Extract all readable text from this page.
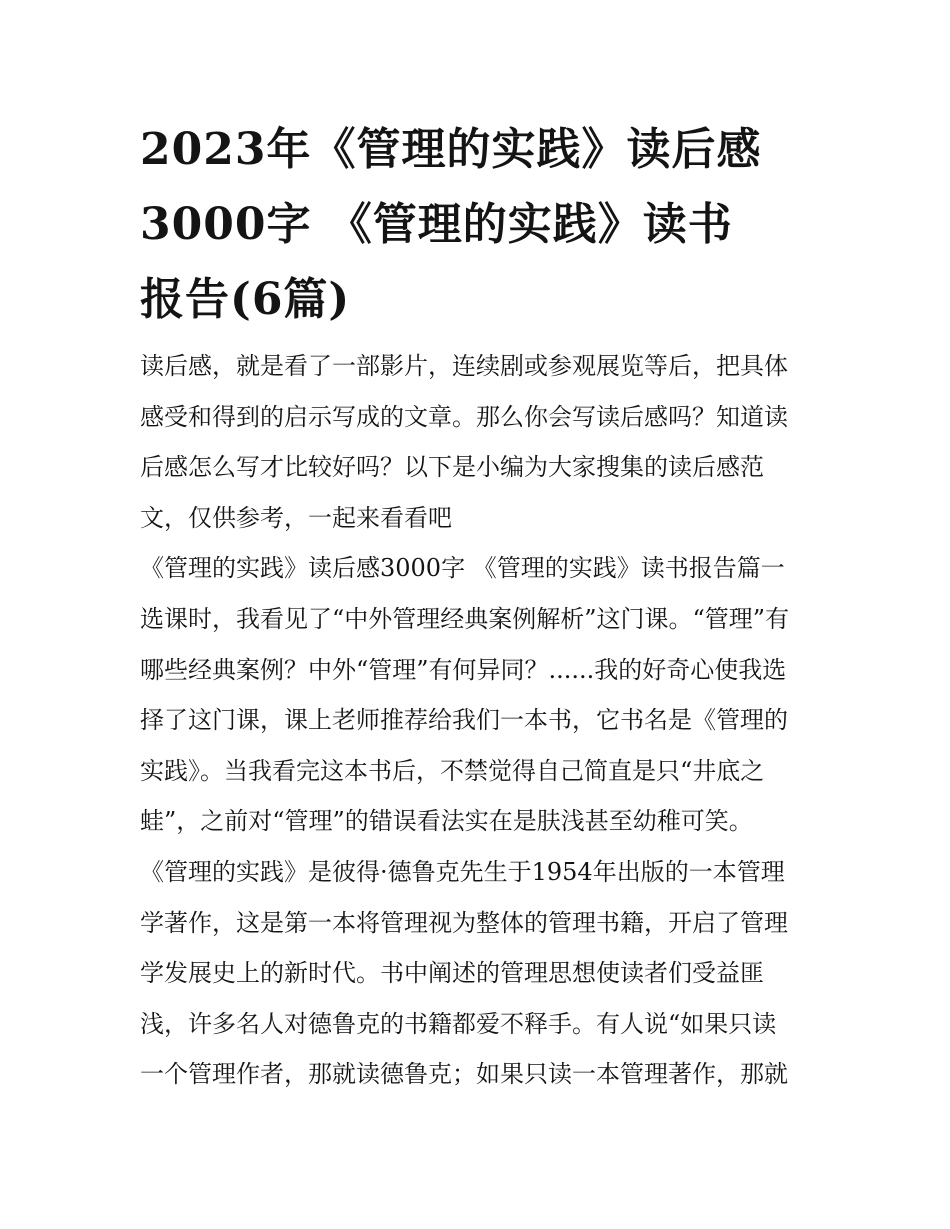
2023年《管理的实践》读后感
3000字 《管理的实践》读书
报告(6篇)
读后感，就是看了一部影片，连续剧或参观展览等后，把具体
感受和得到的启示写成的文章。那么你会写读后感吗？知道读
后感怎么写才比较好吗？以下是小编为大家搜集的读后感范
文，仅供参考，一起来看看吧
《管理的实践》读后感3000字 《管理的实践》读书报告篇一
选课时，我看见了“中外管理经典案例解析”这门课。“管理”有
哪些经典案例？中外“管理”有何异同？......我的好奇心使我选
择了这门课，课上老师推荐给我们一本书，它书名是《管理的
实践》。当我看完这本书后，不禁觉得自己简直是只“井底之
蛙”，之前对“管理”的错误看法实在是肤浅甚至幼稚可笑。
《管理的实践》是彼得·德鲁克先生于1954年出版的一本管理
学著作，这是第一本将管理视为整体的管理书籍，开启了管理
学发展史上的新时代。书中阐述的管理思想使读者们受益匪
浅，许多名人对德鲁克的书籍都爱不释手。有人说“如果只读
一个管理作者，那就读德鲁克；如果只读一本管理著作，那就
